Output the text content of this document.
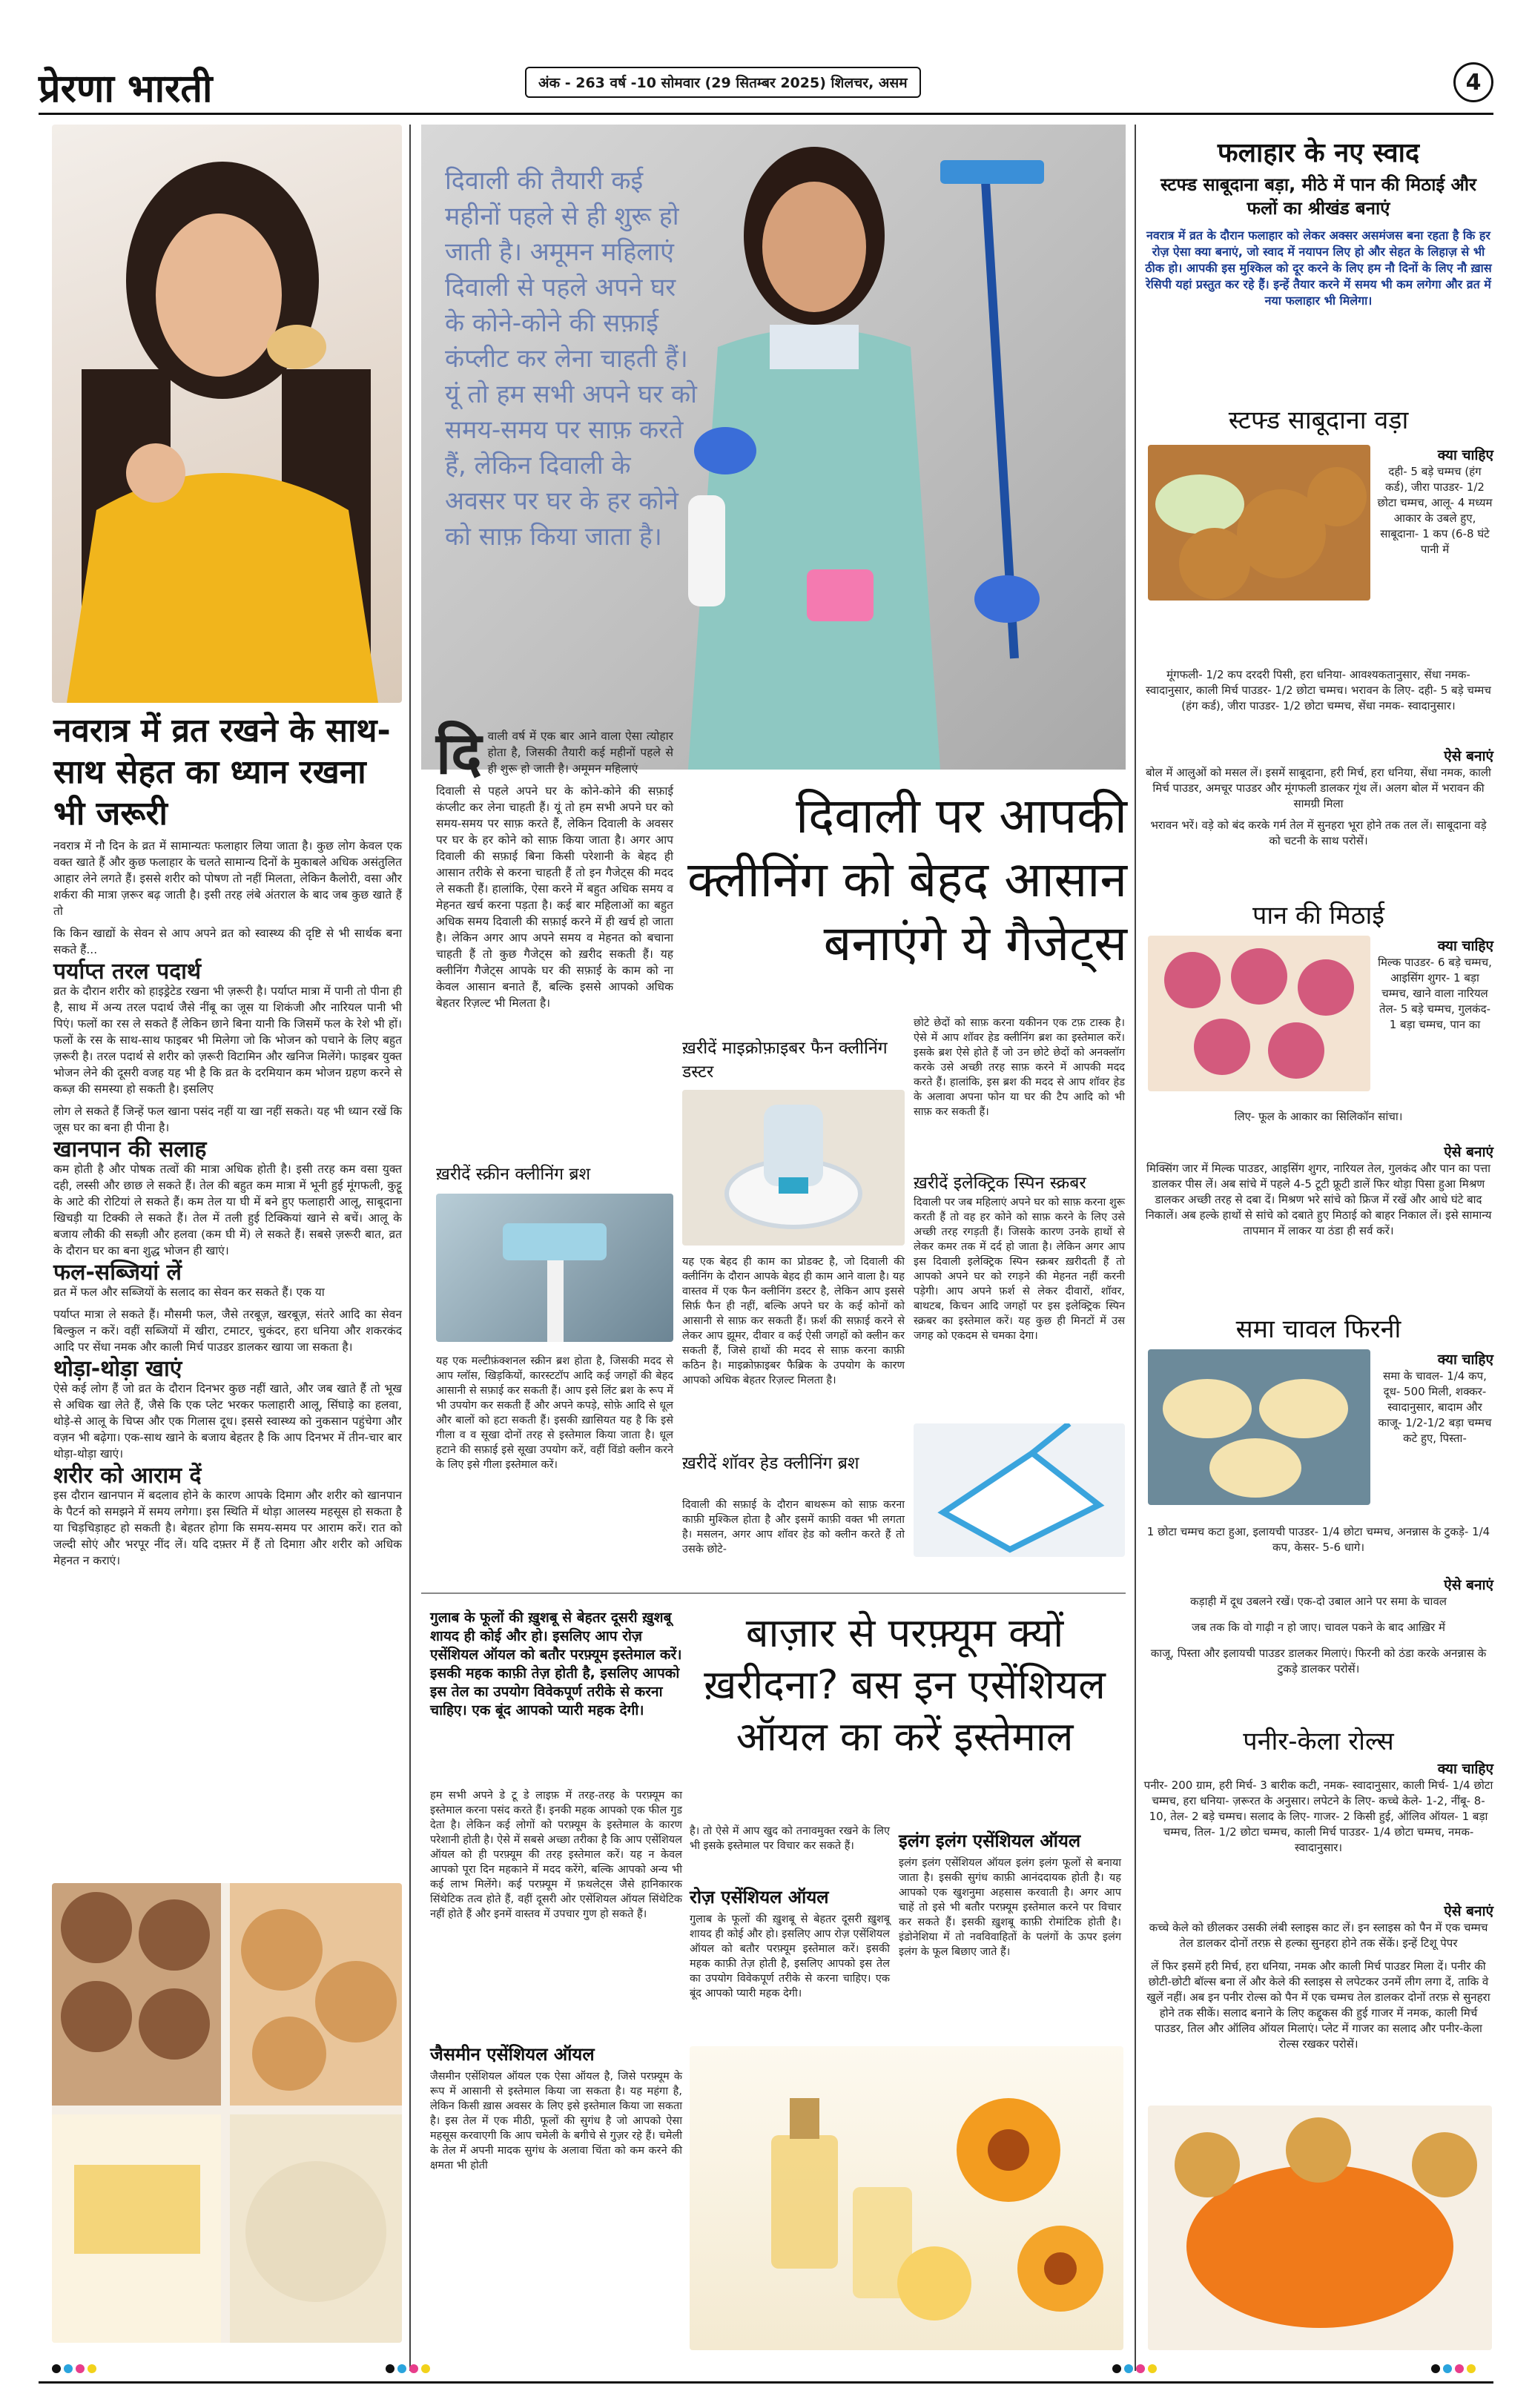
प्रेरणा भारती	अंक - 263 वर्ष -10 सोमवार (29 सितम्बर 2025) शिलचर, असम	4
नवरात्र में व्रत रखने के साथ-साथ सेहत का ध्यान रखना भी जरूरी

नवरात्र में नौ दिन के व्रत में सामान्यतः फलाहार लिया जाता है। कुछ लोग केवल एक वक्त खाते हैं और कुछ फलाहार के चलते सामान्य दिनों के मुकाबले अधिक असंतुलित आहार लेने लगते हैं। इससे शरीर को पोषण तो नहीं मिलता, लेकिन कैलोरी, वसा और शर्करा की मात्रा ज़रूर बढ़ जाती है। इसी तरह लंबे अंतराल के बाद जब कुछ खाते हैं तो

कि किन खाद्यों के सेवन से आप अपने व्रत को स्वास्थ्य की दृष्टि से भी सार्थक बना सकते हैं...

पर्याप्त तरल पदार्थ

व्रत के दौरान शरीर को हाइड्रेटेड रखना भी ज़रूरी है। पर्याप्त मात्रा में पानी तो पीना ही है, साथ में अन्य तरल पदार्थ जैसे नींबू का जूस या शिकंजी और नारियल पानी भी पिएं। फलों का रस ले सकते हैं लेकिन छाने बिना यानी कि जिसमें फल के रेशे भी हों। फलों के रस के साथ-साथ फाइबर भी मिलेगा जो कि भोजन को पचाने के लिए बहुत ज़रूरी है। तरल पदार्थ से शरीर को ज़रूरी विटामिन और खनिज मिलेंगे। फाइबर युक्त भोजन लेने की दूसरी वजह यह भी है कि व्रत के दरमियान कम भोजन ग्रहण करने से कब्ज़ की समस्या हो सकती है। इसलिए

लोग ले सकते हैं जिन्हें फल खाना पसंद नहीं या खा नहीं सकते। यह भी ध्यान रखें कि जूस घर का बना ही पीना है।

खानपान की सलाह

कम होती है और पोषक तत्वों की मात्रा अधिक होती है। इसी तरह कम वसा युक्त दही, लस्सी और छाछ ले सकते हैं। तेल की बहुत कम मात्रा में भूनी हुई मूंगफली, कुट्टू के आटे की रोटियां ले सकते हैं। कम तेल या घी में बने हुए फलाहारी आलू, साबूदाना खिचड़ी या टिक्की ले सकते हैं। तेल में तली हुई टिक्कियां खाने से बचें। आलू के बजाय लौकी की सब्ज़ी और हलवा (कम घी में) ले सकते हैं। सबसे ज़रूरी बात, व्रत के दौरान घर का बना शुद्ध भोजन ही खाएं।

फल-सब्जियां लें

व्रत में फल और सब्जियों के सलाद का सेवन कर सकते हैं। एक या

पर्याप्त मात्रा ले सकते हैं। मौसमी फल, जैसे तरबूज़, खरबूज़, संतरे आदि का सेवन बिल्कुल न करें। वहीं सब्जियों में खीरा, टमाटर, चुकंदर, हरा धनिया और शकरकंद आदि पर सेंधा नमक और काली मिर्च पाउडर डालकर खाया जा सकता है।

थोड़ा-थोड़ा खाएं

ऐसे कई लोग हैं जो व्रत के दौरान दिनभर कुछ नहीं खाते, और जब खाते हैं तो भूख से अधिक खा लेते हैं, जैसे कि एक प्लेट भरकर फलाहारी आलू, सिंघाड़े का हलवा, थोड़े-से आलू के चिप्स और एक गिलास दूध। इससे स्वास्थ्य को नुकसान पहुंचेगा और वज़न भी बढ़ेगा। एक-साथ खाने के बजाय बेहतर है कि आप दिनभर में तीन-चार बार थोड़ा-थोड़ा खाएं।

शरीर को आराम दें

इस दौरान खानपान में बदलाव होने के कारण आपके दिमाग और शरीर को खानपान के पैटर्न को समझने में समय लगेगा। इस स्थिति में थोड़ा आलस्य महसूस हो सकता है या चिड़चिड़ाहट हो सकती है। बेहतर होगा कि समय-समय पर आराम करें। रात को जल्दी सोएं और भरपूर नींद लें। यदि दफ़्तर में हैं तो दिमाग़ और शरीर को अधिक मेहनत न कराएं।

दिवाली की तैयारी कई महीनों पहले से ही शुरू हो जाती है। अमूमन महिलाएं दिवाली से पहले अपने घर के कोने-कोने की सफ़ाई कंप्लीट कर लेना चाहती हैं। यूं तो हम सभी अपने घर को समय-समय पर साफ़ करते हैं, लेकिन दिवाली के अवसर पर घर के हर कोने को साफ़ किया जाता है।
दि वाली वर्ष में एक बार आने वाला ऐसा त्योहार होता है, जिसकी तैयारी कई महीनों पहले से ही शुरू हो जाती है। अमूमन महिलाएं

दिवाली से पहले अपने घर के कोने-कोने की सफ़ाई कंप्लीट कर लेना चाहती हैं। यूं तो हम सभी अपने घर को समय-समय पर साफ़ करते हैं, लेकिन दिवाली के अवसर पर घर के हर कोने को साफ़ किया जाता है। अगर आप दिवाली की सफ़ाई बिना किसी परेशानी के बेहद ही आसान तरीके से करना चाहती हैं तो इन गैजेट्स की मदद ले सकती हैं। हालांकि, ऐसा करने में बहुत अधिक समय व मेहनत खर्च करना पड़ता है। कई बार महिलाओं का बहुत अधिक समय दिवाली की सफ़ाई करने में ही खर्च हो जाता है। लेकिन अगर आप अपने समय व मेहनत को बचाना चाहती हैं तो कुछ गैजेट्स को ख़रीद सकती हैं। यह क्लीनिंग गैजेट्स आपके घर की सफ़ाई के काम को ना केवल आसान बनाते हैं, बल्कि इससे आपको अधिक बेहतर रिज़ल्ट भी मिलता है।

दिवाली पर आपकी क्लीनिंग को बेहद आसान बनाएंगे ये गैजेट्स
ख़रीदें स्क्रीन क्लीनिंग ब्रश
यह एक मल्टीफ़ंक्शनल स्क्रीन ब्रश होता है, जिसकी मदद से आप ग्लॉस, खिड़कियों, कारस्टटॉप आदि कई जगहों की बेहद आसानी से सफ़ाई कर सकती हैं। आप इसे लिंट ब्रश के रूप में भी उपयोग कर सकती हैं और अपने कपड़े, सोफ़े आदि से धूल और बालों को हटा सकती हैं। इसकी ख़ासियत यह है कि इसे गीला व व सूखा दोनों तरह से इस्तेमाल किया जाता है। धूल हटाने की सफ़ाई इसे सूखा उपयोग करें, वहीं विंडो क्लीन करने के लिए इसे गीला इस्तेमाल करें।
ख़रीदें माइक्रोफ़ाइबर फैन क्लीनिंग डस्टर
यह एक बेहद ही काम का प्रोडक्ट है, जो दिवाली की क्लीनिंग के दौरान आपके बेहद ही काम आने वाला है। यह वास्तव में एक फैन क्लीनिंग डस्टर है, लेकिन आप इससे सिर्फ़ फैन ही नहीं, बल्कि अपने घर के कई कोनों को आसानी से साफ़ कर सकती हैं। फ़र्श की सफ़ाई करने से लेकर आप झूमर, दीवार व कई ऐसी जगहों को क्लीन कर सकती हैं, जिसे हाथों की मदद से साफ़ करना काफ़ी कठिन है। माइक्रोफ़ाइबर फैब्रिक के उपयोग के कारण आपको अधिक बेहतर रिज़ल्ट मिलता है।
ख़रीदें शॉवर हेड क्लीनिंग ब्रश
दिवाली की सफ़ाई के दौरान बाथरूम को साफ़ करना काफ़ी मुश्किल होता है और इसमें काफ़ी वक्त भी लगता है। मसलन, अगर आप शॉवर हेड को क्लीन करते हैं तो उसके छोटे-
छोटे छेदों को साफ़ करना यकीनन एक टफ़ टास्क है। ऐसे में आप शॉवर हेड क्लीनिंग ब्रश का इस्तेमाल करें। इसके ब्रश ऐसे होते हैं जो उन छोटे छेदों को अनक्लॉग करके उसे अच्छी तरह साफ़ करने में आपकी मदद करते हैं। हालांकि, इस ब्रश की मदद से आप शॉवर हेड के अलावा अपना फोन या घर की टैप आदि को भी साफ़ कर सकती हैं।
ख़रीदें इलेक्ट्रिक स्पिन स्क्रबर
दिवाली पर जब महिलाएं अपने घर को साफ़ करना शुरू करती हैं तो वह हर कोने को साफ़ करने के लिए उसे अच्छी तरह रगड़ती हैं। जिसके कारण उनके हाथों से लेकर कमर तक में दर्द हो जाता है। लेकिन अगर आप इस दिवाली इलेक्ट्रिक स्पिन स्क्रबर ख़रीदती हैं तो आपको अपने घर को रगड़ने की मेहनत नहीं करनी पड़ेगी। आप अपने फ़र्श से लेकर दीवारों, शॉवर, बाथटब, किचन आदि जगहों पर इस इलेक्ट्रिक स्पिन स्क्रबर का इस्तेमाल करें। यह कुछ ही मिनटों में उस जगह को एकदम से चमका देगा।
गुलाब के फूलों की ख़ुशबू से बेहतर दूसरी ख़ुशबू शायद ही कोई और हो। इसलिए आप रोज़ एसेंशियल ऑयल को बतौर परफ़्यूम इस्तेमाल करें। इसकी महक काफ़ी तेज़ होती है, इसलिए आपको इस तेल का उपयोग विवेकपूर्ण तरीके से करना चाहिए। एक बूंद आपको प्यारी महक देगी।
बाज़ार से परफ़्यूम क्यों ख़रीदना? बस इन एसेंशियल ऑयल का करें इस्तेमाल
हम सभी अपने डे टू डे लाइफ़ में तरह-तरह के परफ़्यूम का इस्तेमाल करना पसंद करते हैं। इनकी महक आपको एक फील गुड देता है। लेकिन कई लोगों को परफ़्यूम के इस्तेमाल के कारण परेशानी होती है। ऐसे में सबसे अच्छा तरीका है कि आप एसेंशियल ऑयल को ही परफ़्यूम की तरह इस्तेमाल करें। यह न केवल आपको पूरा दिन महकाने में मदद करेंगे, बल्कि आपको अन्य भी कई लाभ मिलेंगे। कई परफ़्यूम में फ़थलेट्स जैसे हानिकारक सिंथेटिक तत्व होते हैं, वहीं दूसरी ओर एसेंशियल ऑयल सिंथेटिक नहीं होते हैं और इनमें वास्तव में उपचार गुण हो सकते हैं।
जैसमीन एसेंशियल ऑयल
जैसमीन एसेंशियल ऑयल एक ऐसा ऑयल है, जिसे परफ़्यूम के रूप में आसानी से इस्तेमाल किया जा सकता है। यह महंगा है, लेकिन किसी ख़ास अवसर के लिए इसे इस्तेमाल किया जा सकता है। इस तेल में एक मीठी, फूलों की सुगंध है जो आपको ऐसा महसूस करवाएगी कि आप चमेली के बगीचे से गुज़र रहे हैं। चमेली के तेल में अपनी मादक सुगंध के अलावा चिंता को कम करने की क्षमता भी होती
है। तो ऐसे में आप खुद को तनावमुक्त रखने के लिए भी इसके इस्तेमाल पर विचार कर सकते हैं।
रोज़ एसेंशियल ऑयल
गुलाब के फूलों की ख़ुशबू से बेहतर दूसरी ख़ुशबू शायद ही कोई और हो। इसलिए आप रोज़ एसेंशियल ऑयल को बतौर परफ़्यूम इस्तेमाल करें। इसकी महक काफ़ी तेज़ होती है, इसलिए आपको इस तेल का उपयोग विवेकपूर्ण तरीके से करना चाहिए। एक बूंद आपको प्यारी महक देगी।
इलंग इलंग एसेंशियल ऑयल
इलंग इलंग एसेंशियल ऑयल इलंग इलंग फूलों से बनाया जाता है। इसकी सुगंध काफ़ी आनंददायक होती है। यह आपको एक खुशनुमा अहसास करवाती है। अगर आप चाहें तो इसे भी बतौर परफ़्यूम इस्तेमाल करने पर विचार कर सकते हैं। इसकी ख़ुशबू काफ़ी रोमांटिक होती है। इंडोनेशिया में तो नवविवाहितों के पलंगों के ऊपर इलंग इलंग के फूल बिछाए जाते हैं।
फलाहार के नए स्वाद
स्टफ्ड साबूदाना बड़ा, मीठे में पान की मिठाई और फलों का श्रीखंड बनाएं
नवरात्र में व्रत के दौरान फलाहार को लेकर अक्सर असमंजस बना रहता है कि हर रोज़ ऐसा क्या बनाएं, जो स्वाद में नयापन लिए हो और सेहत के लिहाज़ से भी ठीक हो। आपकी इस मुश्किल को दूर करने के लिए हम नौ दिनों के लिए नौ ख़ास रेसिपी यहां प्रस्तुत कर रहे हैं। इन्हें तैयार करने में समय भी कम लगेगा और व्रत में नया फलाहार भी मिलेगा।
स्टफ्ड साबूदाना वड़ा
क्या चाहिए
दही- 5 बड़े चम्मच (हंग कर्ड), जीरा पाउडर- 1/2 छोटा चम्मच, आलू- 4 मध्यम आकार के उबले हुए, साबूदाना- 1 कप (6-8 घंटे पानी में
मूंगफली- 1/2 कप दरदरी पिसी, हरा धनिया- आवश्यकतानुसार, सेंधा नमक- स्वादानुसार, काली मिर्च पाउडर- 1/2 छोटा चम्मच। भरावन के लिए- दही- 5 बड़े चम्मच (हंग कर्ड), जीरा पाउडर- 1/2 छोटा चम्मच, सेंधा नमक- स्वादानुसार।
ऐसे बनाएं
बोल में आलुओं को मसल लें। इसमें साबूदाना, हरी मिर्च, हरा धनिया, सेंधा नमक, काली मिर्च पाउडर, अमचूर पाउडर और मूंगफली डालकर गूंथ लें। अलग बोल में भरावन की सामग्री मिला
भरावन भरें। वड़े को बंद करके गर्म तेल में सुनहरा भूरा होने तक तल लें। साबूदाना वड़े को चटनी के साथ परोसें।
पान की मिठाई
क्या चाहिए
मिल्क पाउडर- 6 बड़े चम्मच, आइसिंग शुगर- 1 बड़ा चम्मच, खाने वाला नारियल तेल- 5 बड़े चम्मच, गुलकंद- 1 बड़ा चम्मच, पान का
लिए- फूल के आकार का सिलिकॉन सांचा।
ऐसे बनाएं
मिक्सिंग जार में मिल्क पाउडर, आइसिंग शुगर, नारियल तेल, गुलकंद और पान का पत्ता डालकर पीस लें। अब सांचे में पहले 4-5 टूटी फ्रूटी डालें फिर थोड़ा पिसा हुआ मिश्रण डालकर अच्छी तरह से दबा दें। मिश्रण भरे सांचे को फ्रिज में रखें और आधे घंटे बाद निकालें। अब हल्के हाथों से सांचे को दबाते हुए मिठाई को बाहर निकाल लें। इसे सामान्य तापमान में लाकर या ठंडा ही सर्व करें।
समा चावल फिरनी
क्या चाहिए
समा के चावल- 1/4 कप, दूध- 500 मिली, शक्कर- स्वादानुसार, बादाम और काजू- 1/2-1/2 बड़ा चम्मच कटे हुए, पिस्ता-
1 छोटा चम्मच कटा हुआ, इलायची पाउडर- 1/4 छोटा चम्मच, अनन्नास के टुकड़े- 1/4 कप, केसर- 5-6 धागे।
ऐसे बनाएं
कड़ाही में दूध उबलने रखें। एक-दो उबाल आने पर समा के चावल
जब तक कि वो गाढ़ी न हो जाए। चावल पकने के बाद आख़िर में
काजू, पिस्ता और इलायची पाउडर डालकर मिलाएं। फिरनी को ठंडा करके अनन्नास के टुकड़े डालकर परोसें।
पनीर-केला रोल्स
क्या चाहिए
पनीर- 200 ग्राम, हरी मिर्च- 3 बारीक कटी, नमक- स्वादानुसार, काली मिर्च- 1/4 छोटा चम्मच, हरा धनिया- ज़रूरत के अनुसार। लपेटने के लिए- कच्चे केले- 1-2, नींबू- 8-10, तेल- 2 बड़े चम्मच। सलाद के लिए- गाजर- 2 किसी हुई, ऑलिव ऑयल- 1 बड़ा चम्मच, तिल- 1/2 छोटा चम्मच, काली मिर्च पाउडर- 1/4 छोटा चम्मच, नमक- स्वादानुसार।
ऐसे बनाएं
कच्चे केले को छीलकर उसकी लंबी स्लाइस काट लें। इन स्लाइस को पैन में एक चम्मच तेल डालकर दोनों तरफ़ से हल्का सुनहरा होने तक सेंकें। इन्हें टिशू पेपर
लें फिर इसमें हरी मिर्च, हरा धनिया, नमक और काली मिर्च पाउडर मिला दें। पनीर की छोटी-छोटी बॉल्स बना लें और केले की स्लाइस से लपेटकर उनमें लीग लगा दें, ताकि वे खुलें नहीं। अब इन पनीर रोल्स को पैन में एक चम्मच तेल डालकर दोनों तरफ़ से सुनहरा होने तक सीकें। सलाद बनाने के लिए कद्दूकस की हुई गाजर में नमक, काली मिर्च पाउडर, तिल और ऑलिव ऑयल मिलाएं। प्लेट में गाजर का सलाद और पनीर-केला रोल्स रखकर परोसें।
